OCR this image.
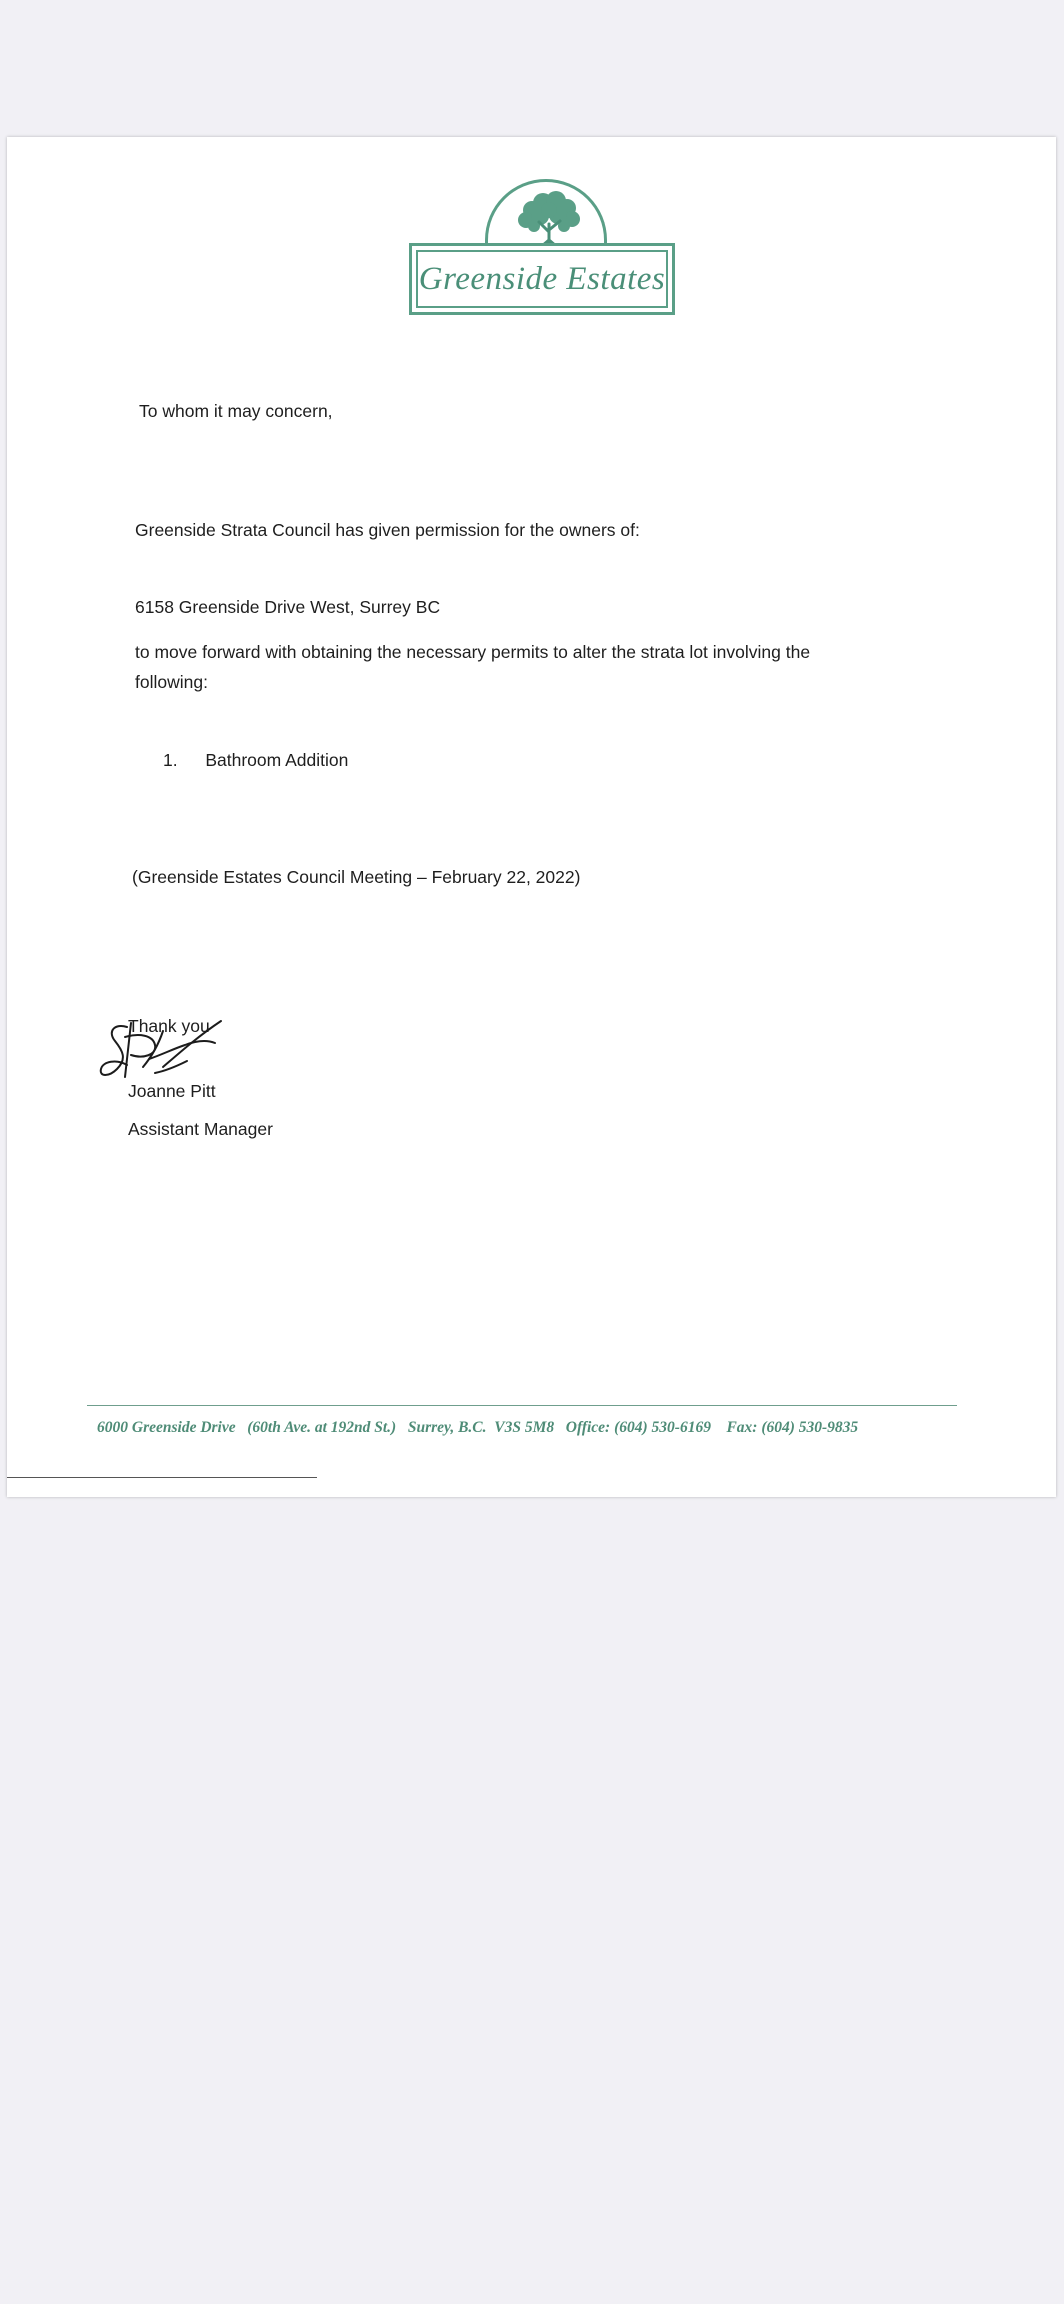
Greenside Estates
To whom it may concern,
Greenside Strata Council has given permission for the owners of:
6158 Greenside Drive West, Surrey BC
to move forward with obtaining the necessary permits to alter the strata lot involving the
following:
1. Bathroom Addition
(Greenside Estates Council Meeting – February 22, 2022)
Thank you
Joanne Pitt
Assistant Manager
6000 Greenside Drive   (60th Ave. at 192nd St.)   Surrey, B.C.  V3S 5M8   Office: (604) 530-6169    Fax: (604) 530-9835
